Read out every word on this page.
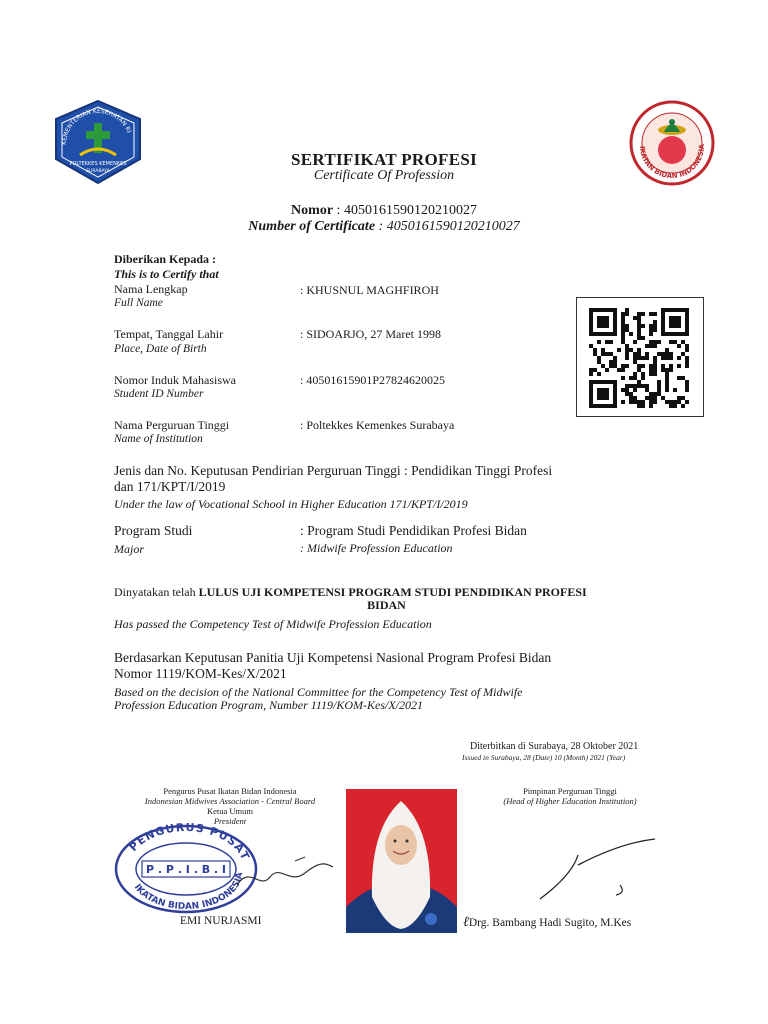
KEMENTERIAN KESEHATAN RI
POLTEKKES KEMENKES
SURABAYA
IKATAN BIDAN INDONESIA
SERTIFIKAT PROFESI
Certificate Of Profession
Nomor : 4050161590120210027
Number of Certificate : 4050161590120210027
Diberikan Kepada :
This is to Certify that
Nama Lengkap
Full Name
: KHUSNUL MAGHFIROH
Tempat, Tanggal Lahir
Place, Date of Birth
: SIDOARJO, 27 Maret 1998
Nomor Induk Mahasiswa
Student ID Number
: 40501615901P27824620025
Nama Perguruan Tinggi
Name of Institution
: Poltekkes Kemenkes Surabaya
Jenis dan No. Keputusan Pendirian Perguruan Tinggi : Pendidikan Tinggi Profesi
dan 171/KPT/I/2019
Under the law of Vocational School in Higher Education 171/KPT/I/2019
Program Studi
Major
: Program Studi Pendidikan Profesi Bidan
: Midwife Profession Education
Dinyatakan telah LULUS UJI KOMPETENSI PROGRAM STUDI PENDIDIKAN PROFESI
BIDAN
Has passed the Competency Test of Midwife Profession Education
Berdasarkan Keputusan Panitia Uji Kompetensi Nasional Program Profesi Bidan
Nomor 1119/KOM-Kes/X/2021
Based on the decision of the National Committee for the Competency Test of Midwife
Profession Education Program, Number 1119/KOM-Kes/X/2021
Diterbitkan di Surabaya, 28 Oktober 2021
Issued in Surabaya, 28 (Date) 10 (Month) 2021 (Year)
Pengurus Pusat Ikatan Bidan Indonesia
Indonesian Midwives Association - Central Board
Ketua Umum
President
PENGURUS PUSAT
IKATAN BIDAN INDONESIA
P . P . I . B . I
EMI NURJASMI
Pimpinan Perguruan Tinggi
(Head of Higher Education Institution)
ℓDrg. Bambang Hadi Sugito, M.Kes
